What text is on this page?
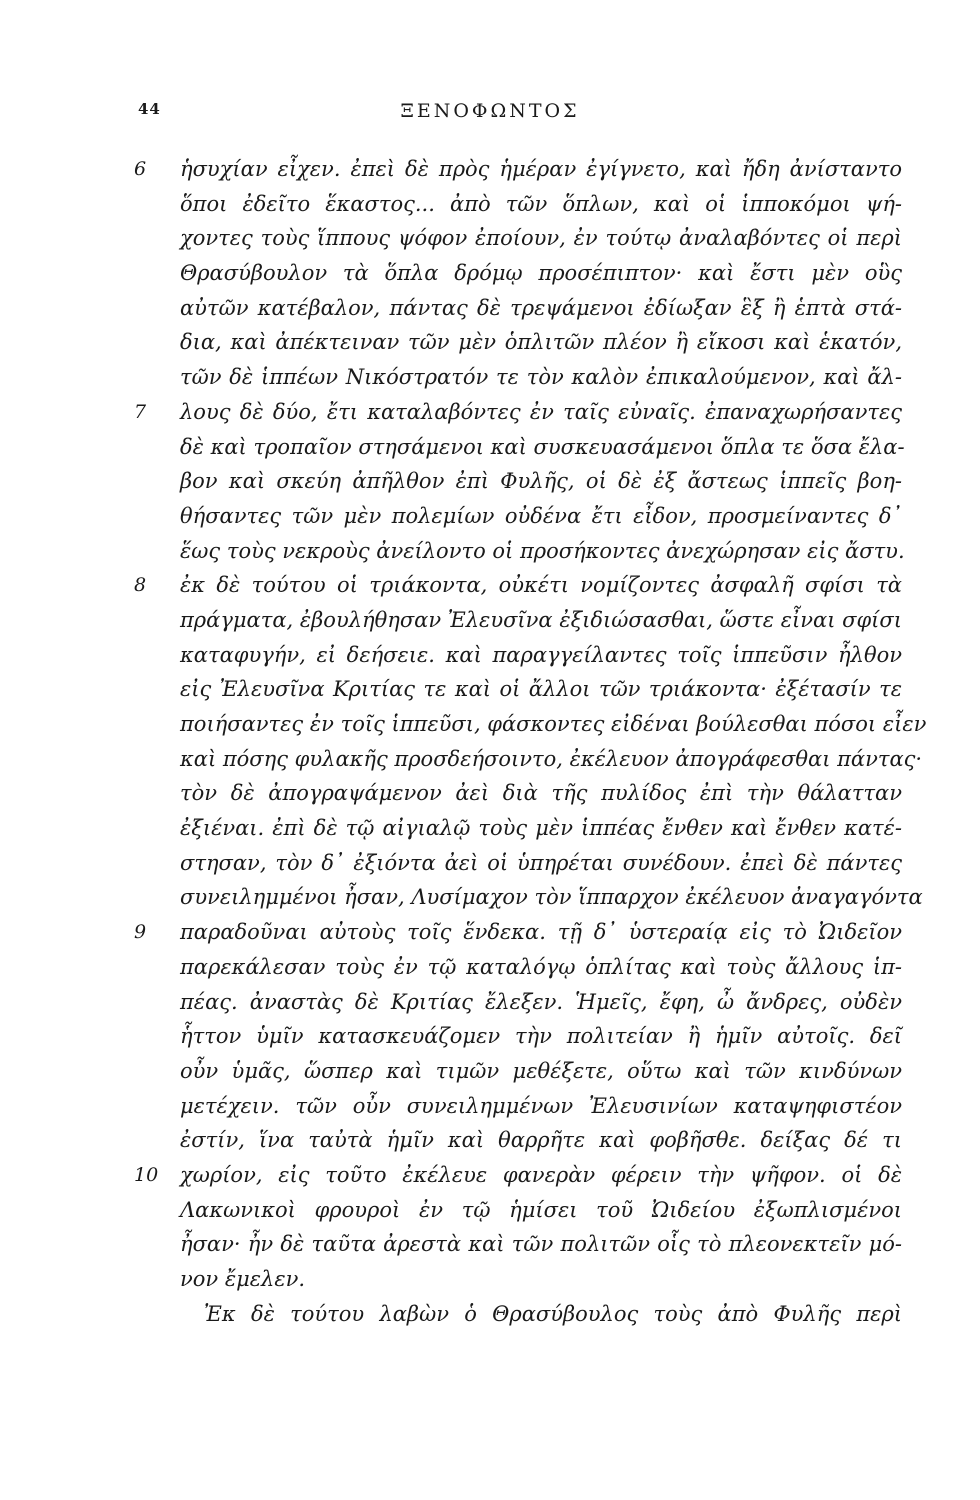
44	ΞΕΝΟΦΩΝΤΟΣ
6 ἡσυχίαν εἶχεν. ἐπεὶ δὲ πρὸς ἡμέραν ἐγίγνετο, καὶ ἤδη ἀνίσταντο
ὅποι ἐδεῖτο ἕκαστος... ἀπὸ τῶν ὅπλων, καὶ οἱ ἱπποκόμοι ψή-
χοντες τοὺς ἵππους ψόφον ἐποίουν, ἐν τούτῳ ἀναλαβόντες οἱ περὶ
Θρασύβουλον τὰ ὅπλα δρόμῳ προσέπιπτον· καὶ ἔστι μὲν οὓς
αὐτῶν κατέβαλον, πάντας δὲ τρεψάμενοι ἐδίωξαν ἓξ ἢ ἑπτὰ στά-
δια, καὶ ἀπέκτειναν τῶν μὲν ὁπλιτῶν πλέον ἢ εἴκοσι καὶ ἑκατόν,
τῶν δὲ ἱππέων Νικόστρατόν τε τὸν καλὸν ἐπικαλούμενον, καὶ ἄλ-
7 λους δὲ δύο, ἔτι καταλαβόντες ἐν ταῖς εὐναῖς. ἐπαναχωρήσαντες
δὲ καὶ τροπαῖον στησάμενοι καὶ συσκευασάμενοι ὅπλα τε ὅσα ἔλα-
βον καὶ σκεύη ἀπῆλθον ἐπὶ Φυλῆς, οἱ δὲ ἐξ ἄστεως ἱππεῖς βοη-
θήσαντες τῶν μὲν πολεμίων οὐδένα ἔτι εἶδον, προσμείναντες δ᾿
ἕως τοὺς νεκροὺς ἀνείλοντο οἱ προσήκοντες ἀνεχώρησαν εἰς ἄστυ.
8 ἐκ δὲ τούτου οἱ τριάκοντα, οὐκέτι νομίζοντες ἀσφαλῆ σφίσι τὰ
πράγματα, ἐβουλήθησαν Ἐλευσῖνα ἐξιδιώσασθαι, ὥστε εἶναι σφίσι
καταφυγήν, εἰ δεήσειε. καὶ παραγγείλαντες τοῖς ἱππεῦσιν ἦλθον
εἰς Ἐλευσῖνα Κριτίας τε καὶ οἱ ἄλλοι τῶν τριάκοντα· ἐξέτασίν τε
ποιήσαντες ἐν τοῖς ἱππεῦσι, φάσκοντες εἰδέναι βούλεσθαι πόσοι εἶεν
καὶ πόσης φυλακῆς προσδεήσοιντο, ἐκέλευον ἀπογράφεσθαι πάντας·
τὸν δὲ ἀπογραψάμενον ἀεὶ διὰ τῆς πυλίδος ἐπὶ τὴν θάλατταν
ἐξιέναι. ἐπὶ δὲ τῷ αἰγιαλῷ τοὺς μὲν ἱππέας ἔνθεν καὶ ἔνθεν κατέ-
στησαν, τὸν δ᾿ ἐξιόντα ἀεὶ οἱ ὑπηρέται συνέδουν. ἐπεὶ δὲ πάντες
συνειλημμένοι ἦσαν, Λυσίμαχον τὸν ἵππαρχον ἐκέλευον ἀναγαγόντα
9 παραδοῦναι αὐτοὺς τοῖς ἕνδεκα. τῇ δ᾿ ὑστεραίᾳ εἰς τὸ Ὠιδεῖον
παρεκάλεσαν τοὺς ἐν τῷ καταλόγῳ ὁπλίτας καὶ τοὺς ἄλλους ἱπ-
πέας. ἀναστὰς δὲ Κριτίας ἔλεξεν. Ἡμεῖς, ἔφη, ὦ ἄνδρες, οὐδὲν
ἧττον ὑμῖν κατασκευάζομεν τὴν πολιτείαν ἢ ἡμῖν αὐτοῖς. δεῖ
οὖν ὑμᾶς, ὥσπερ καὶ τιμῶν μεθέξετε, οὕτω καὶ τῶν κινδύνων
μετέχειν. τῶν οὖν συνειλημμένων Ἐλευσινίων καταψηφιστέον
ἐστίν, ἵνα ταὐτὰ ἡμῖν καὶ θαρρῆτε καὶ φοβῆσθε. δείξας δέ τι
10 χωρίον, εἰς τοῦτο ἐκέλευε φανερὰν φέρειν τὴν ψῆφον. οἱ δὲ
Λακωνικοὶ φρουροὶ ἐν τῷ ἡμίσει τοῦ Ὠιδείου ἐξωπλισμένοι
ἦσαν· ἦν δὲ ταῦτα ἀρεστὰ καὶ τῶν πολιτῶν οἷς τὸ πλεονεκτεῖν μό-
νον ἔμελεν.
Ἐκ δὲ τούτου λαβὼν ὁ Θρασύβουλος τοὺς ἀπὸ Φυλῆς περὶ
